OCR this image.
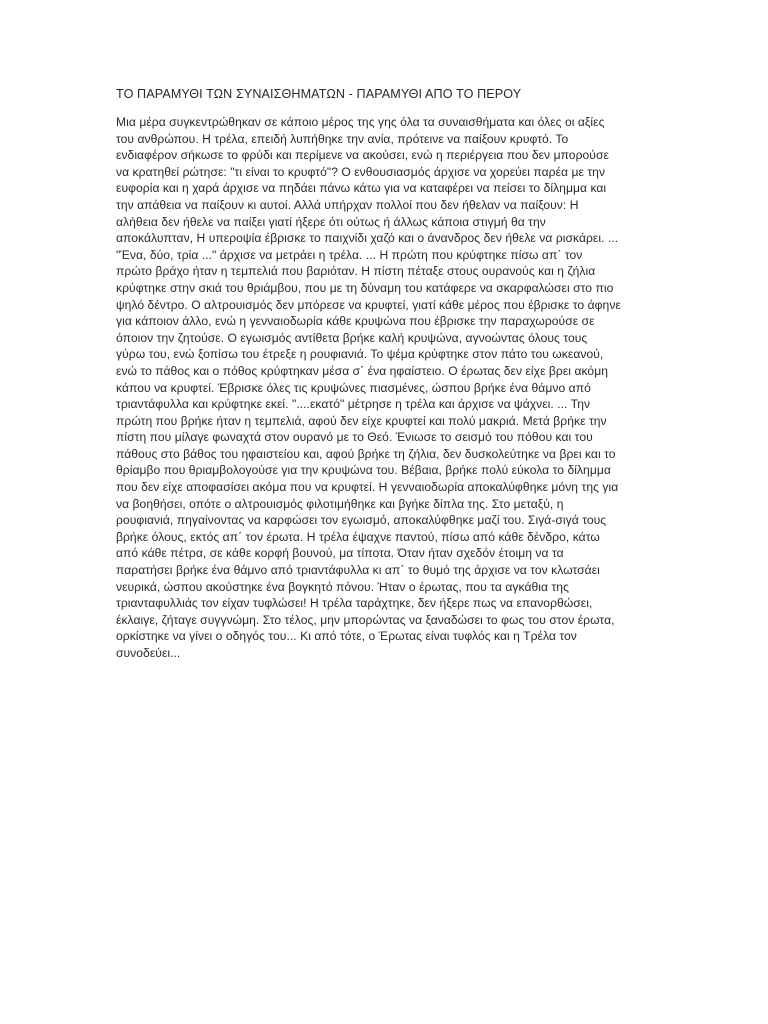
ΤΟ ΠΑΡΑΜΥΘΙ ΤΩΝ ΣΥΝΑΙΣΘΗΜΑΤΩΝ - ΠΑΡΑΜΥΘΙ ΑΠΟ ΤΟ ΠΕΡΟΥ
Μια μέρα συγκεντρώθηκαν σε κάποιο μέρος της γης όλα τα συναισθήματα και όλες οι αξίες
του ανθρώπου. Η τρέλα, επειδή λυπήθηκε την ανία, πρότεινε να παίξουν κρυφτό. Το
ενδιαφέρον σήκωσε το φρύδι και περίμενε να ακούσει, ενώ η περιέργεια που δεν μπορούσε
να κρατηθεί ρώτησε: "τι είναι το κρυφτό"? Ο ενθουσιασμός άρχισε να χορεύει παρέα με την
ευφορία και η χαρά άρχισε να πηδάει πάνω κάτω για να καταφέρει να πείσει το δίλημμα και
την απάθεια να παίξουν κι αυτοί. Αλλά υπήρχαν πολλοί που δεν ήθελαν να παίξουν: Η
αλήθεια δεν ήθελε να παίξει γιατί ήξερε ότι ούτως ή άλλως κάποια στιγμή θα την
αποκάλυπταν, Η υπεροψία έβρισκε το παιχνίδι χαζό και ο άνανδρος δεν ήθελε να ρισκάρει. ...
"Ένα, δύο, τρία ..." άρχισε να μετράει η τρέλα. ... Η πρώτη που κρύφτηκε πίσω απ΄ τον
πρώτο βράχο ήταν η τεμπελιά που βαριόταν. Η πίστη πέταξε στους ουρανούς και η ζήλια
κρύφτηκε στην σκιά του θριάμβου, που με τη δύναμη του κατάφερε να σκαρφαλώσει στο πιο
ψηλό δέντρο. Ο αλτρουισμός δεν μπόρεσε να κρυφτεί, γιατί κάθε μέρος που έβρισκε το άφηνε
για κάποιον άλλο, ενώ η γενναιοδωρία κάθε κρυψώνα που έβρισκε την παραχωρούσε σε
όποιον την ζητούσε. Ο εγωισμός αντίθετα βρήκε καλή κρυψώνα, αγνοώντας όλους τους
γύρω του, ενώ ξοπίσω του έτρεξε η ρουφιανιά. Το ψέμα κρύφτηκε στον πάτο του ωκεανού,
ενώ το πάθος και ο πόθος κρύφτηκαν μέσα σ΄ ένα ηφαίστειο. Ο έρωτας δεν είχε βρει ακόμη
κάπου να κρυφτεί. Έβρισκε όλες τις κρυψώνες πιασμένες, ώσπου βρήκε ένα θάμνο από
τριαντάφυλλα και κρύφτηκε εκεί. "....εκατό" μέτρησε η τρέλα και άρχισε να ψάχνει. ... Την
πρώτη που βρήκε ήταν η τεμπελιά, αφού δεν είχε κρυφτεί και πολύ μακριά. Μετά βρήκε την
πίστη που μίλαγε φωναχτά στον ουρανό με το Θεό. Ένιωσε το σεισμό του πόθου και του
πάθους στο βάθος του ηφαιστείου και, αφού βρήκε τη ζήλια, δεν δυσκολεύτηκε να βρει και το
θρίαμβο που θριαμβολογούσε για την κρυψώνα του. Βέβαια, βρήκε πολύ εύκολα το δίλημμα
που δεν είχε αποφασίσει ακόμα που να κρυφτεί. Η γενναιοδωρία αποκαλύφθηκε μόνη της για
να βοηθήσει, οπότε ο αλτρουισμός φιλοτιμήθηκε και βγήκε δίπλα της. Στο μεταξύ, η
ρουφιανιά, πηγαίνοντας να καρφώσει τον εγωισμό, αποκαλύφθηκε μαζί του. Σιγά-σιγά τους
βρήκε όλους, εκτός απ΄ τον έρωτα. Η τρέλα έψαχνε παντού, πίσω από κάθε δένδρο, κάτω
από κάθε πέτρα, σε κάθε κορφή βουνού, μα τίποτα. Όταν ήταν σχεδόν έτοιμη να τα
παρατήσει βρήκε ένα θάμνο από τριαντάφυλλα κι απ΄ το θυμό της άρχισε να τον κλωτσάει
νευρικά, ώσπου ακούστηκε ένα βογκητό πόνου. Ήταν ο έρωτας, που τα αγκάθια της
τριανταφυλλιάς τον είχαν τυφλώσει! Η τρέλα ταράχτηκε, δεν ήξερε πως να επανορθώσει,
έκλαιγε, ζήταγε συγγνώμη. Στο τέλος, μην μπορώντας να ξαναδώσει το φως του στον έρωτα,
ορκίστηκε να γίνει ο οδηγός του... Κι από τότε, ο Έρωτας είναι τυφλός και η Τρέλα τον
συνοδεύει...
